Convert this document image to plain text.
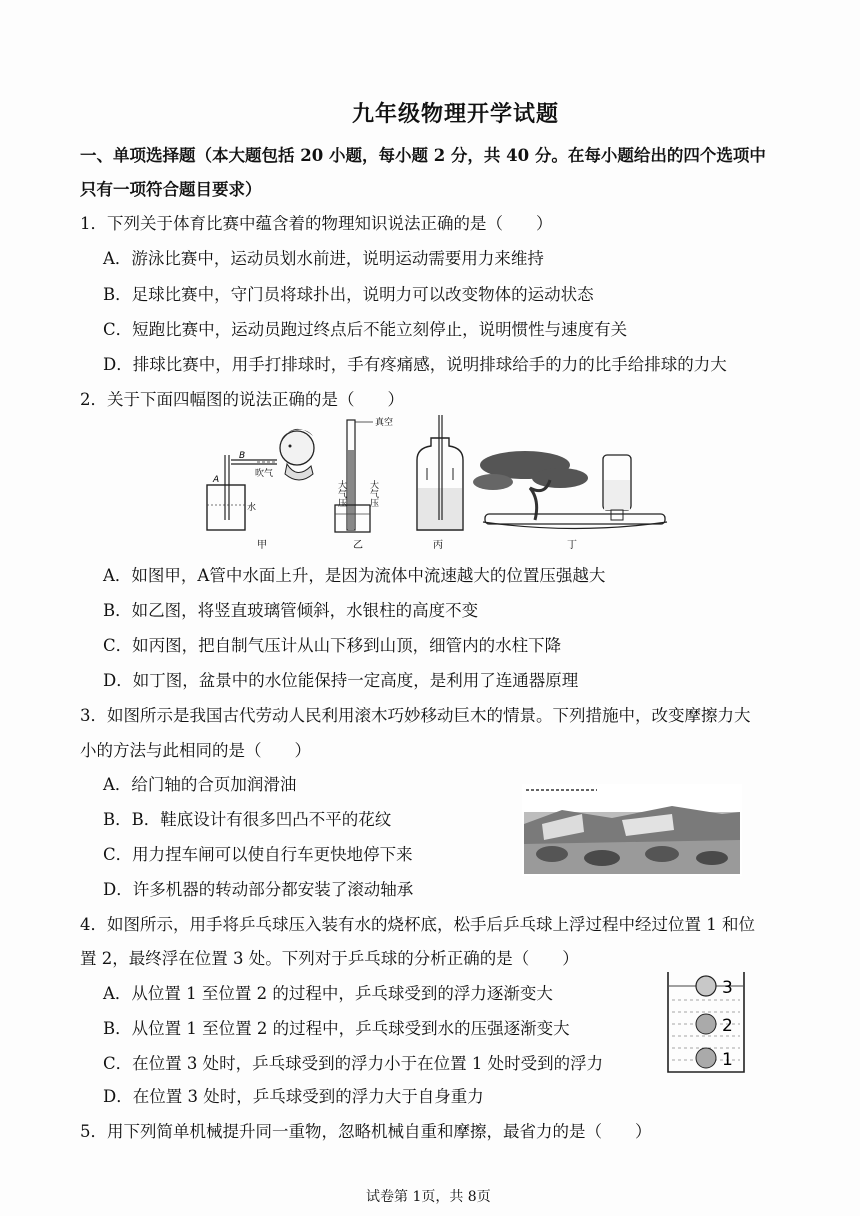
九年级物理开学试题
一、单项选择题（本大题包括 20 小题，每小题 2 分，共 40 分。在每小题给出的四个选项中
只有一项符合题目要求）
1．下列关于体育比赛中蕴含着的物理知识说法正确的是（　　）
A．游泳比赛中，运动员划水前进，说明运动需要用力来维持
B．足球比赛中，守门员将球扑出，说明力可以改变物体的运动状态
C．短跑比赛中，运动员跑过终点后不能立刻停止，说明惯性与速度有关
D．排球比赛中，用手打排球时，手有疼痛感，说明排球给手的力的比手给排球的力大
2．关于下面四幅图的说法正确的是（　　）
B
A
吹气
水
真空
大气压 大气压
甲	乙	丙	丁
A．如图甲，A管中水面上升，是因为流体中流速越大的位置压强越大
B．如乙图，将竖直玻璃管倾斜，水银柱的高度不变
C．如丙图，把自制气压计从山下移到山顶，细管内的水柱下降
D．如丁图，盆景中的水位能保持一定高度，是利用了连通器原理
3．如图所示是我国古代劳动人民利用滚木巧妙移动巨木的情景。下列措施中，改变摩擦力大
小的方法与此相同的是（　　）
A．给门轴的合页加润滑油
B．B．鞋底设计有很多凹凸不平的花纹
C．用力捏车闸可以使自行车更快地停下来
D．许多机器的转动部分都安装了滚动轴承
4．如图所示，用手将乒乓球压入装有水的烧杯底，松手后乒乓球上浮过程中经过位置 1 和位
置 2，最终浮在位置 3 处。下列对于乒乓球的分析正确的是（　　）
A．从位置 1 至位置 2 的过程中，乒乓球受到的浮力逐渐变大
B．从位置 1 至位置 2 的过程中，乒乓球受到水的压强逐渐变大
C．在位置 3 处时，乒乓球受到的浮力小于在位置 1 处时受到的浮力
D．在位置 3 处时，乒乓球受到的浮力大于自身重力
3
2
1
5．用下列简单机械提升同一重物，忽略机械自重和摩擦，最省力的是（　　）
试卷第 1页，共 8页
